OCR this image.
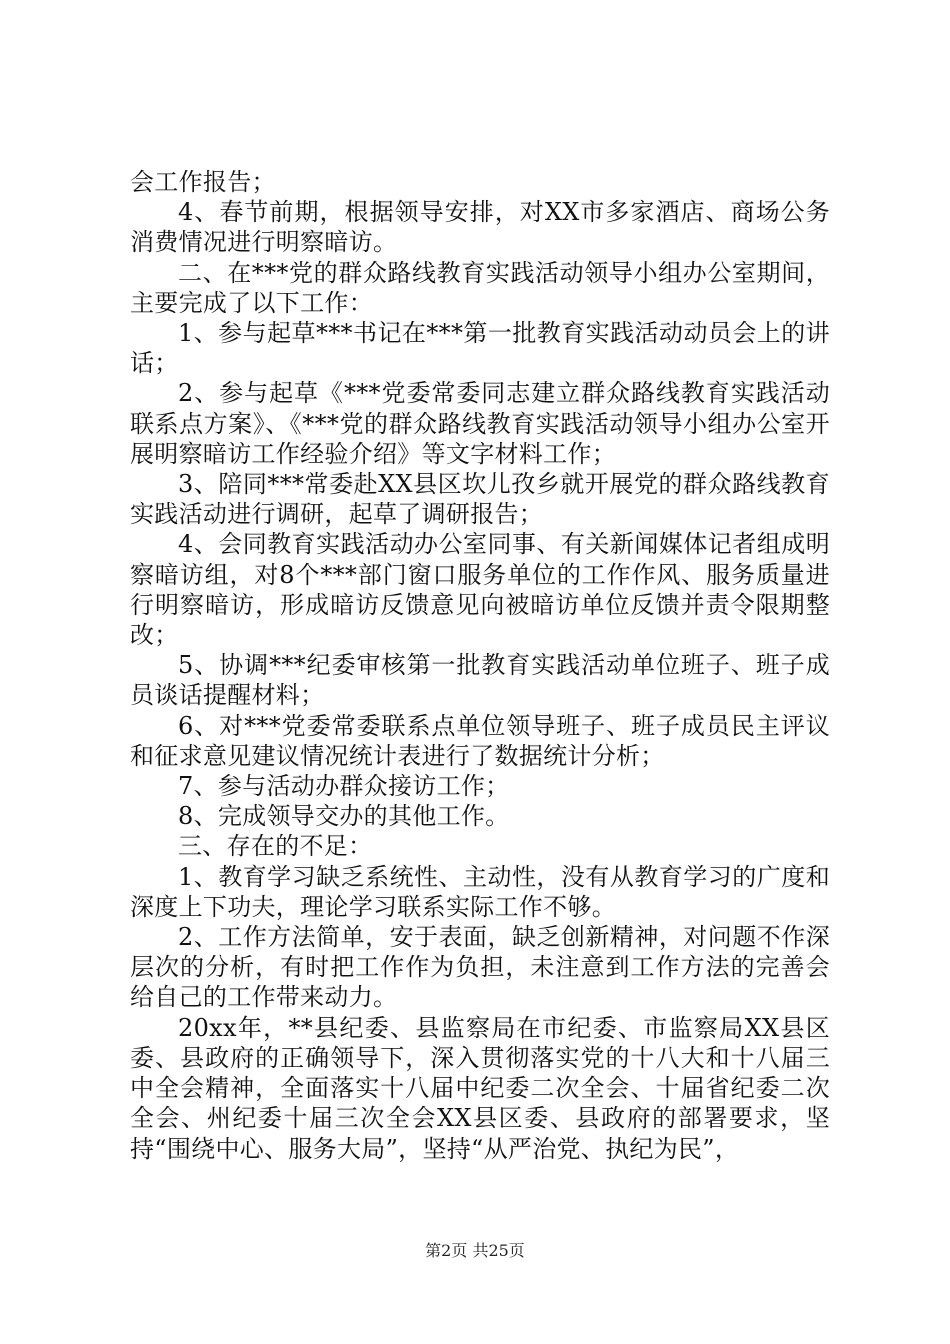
会工作报告；

4、春节前期，根据领导安排，对XX市多家酒店、商场公务消费情况进行明察暗访。

二、在***党的群众路线教育实践活动领导小组办公室期间，主要完成了以下工作：

1、参与起草***书记在***第一批教育实践活动动员会上的讲话；

2、参与起草《***党委常委同志建立群众路线教育实践活动联系点方案》、《***党的群众路线教育实践活动领导小组办公室开展明察暗访工作经验介绍》等文字材料工作；

3、陪同***常委赴XX县区坎儿孜乡就开展党的群众路线教育实践活动进行调研，起草了调研报告；

4、会同教育实践活动办公室同事、有关新闻媒体记者组成明察暗访组，对8个***部门窗口服务单位的工作作风、服务质量进行明察暗访，形成暗访反馈意见向被暗访单位反馈并责令限期整改；

5、协调***纪委审核第一批教育实践活动单位班子、班子成员谈话提醒材料；

6、对***党委常委联系点单位领导班子、班子成员民主评议和征求意见建议情况统计表进行了数据统计分析；

7、参与活动办群众接访工作；

8、完成领导交办的其他工作。

三、存在的不足：

1、教育学习缺乏系统性、主动性，没有从教育学习的广度和深度上下功夫，理论学习联系实际工作不够。

2、工作方法简单，安于表面，缺乏创新精神，对问题不作深层次的分析，有时把工作作为负担，未注意到工作方法的完善会给自己的工作带来动力。

20xx年，**县纪委、县监察局在市纪委、市监察局XX县区委、县政府的正确领导下，深入贯彻落实党的十八大和十八届三中全会精神，全面落实十八届中纪委二次全会、十届省纪委二次全会、州纪委十届三次全会XX县区委、县政府的部署要求，坚持“围绕中心、服务大局”，坚持“从严治党、执纪为民”，

第2页 共25页
